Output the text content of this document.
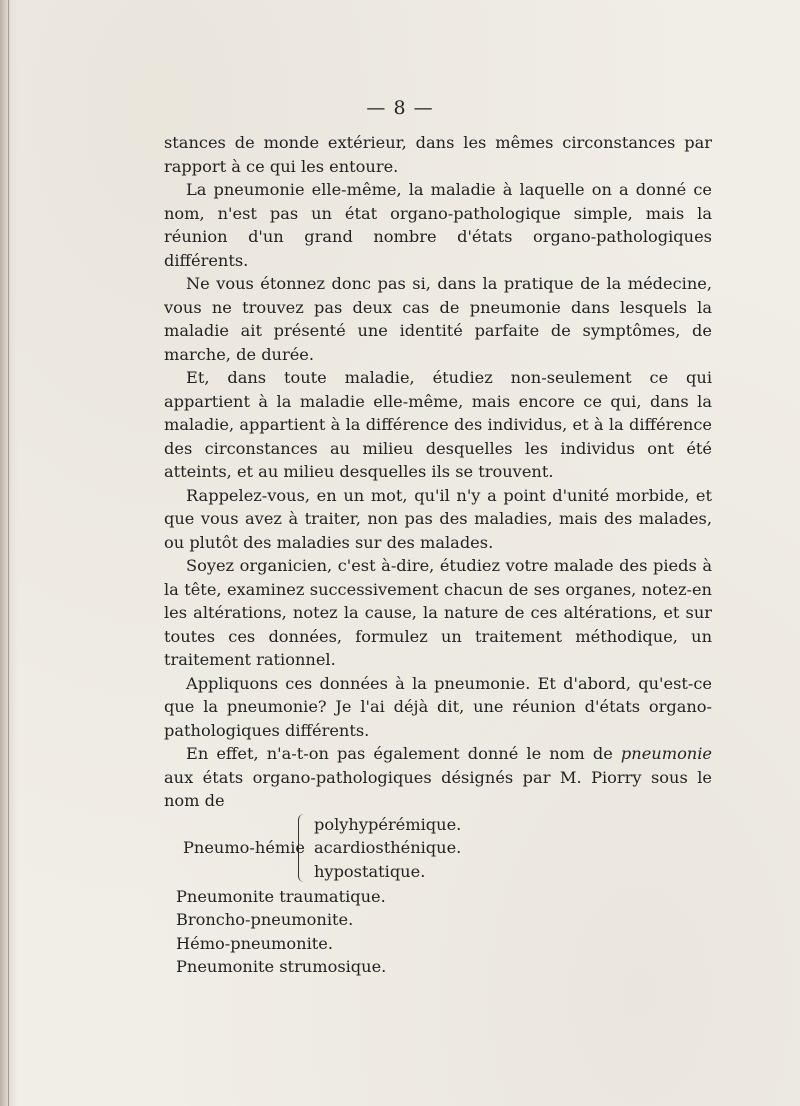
— 8 —

stances de monde extérieur, dans les mêmes circonstances par rapport à ce qui les entoure.

La pneumonie elle-même, la maladie à laquelle on a donné ce nom, n'est pas un état organo-pathologique simple, mais la réunion d'un grand nombre d'états organo-pathologiques différents.

Ne vous étonnez donc pas si, dans la pratique de la médecine, vous ne trouvez pas deux cas de pneumonie dans lesquels la maladie ait présenté une identité parfaite de symptômes, de marche, de durée.

Et, dans toute maladie, étudiez non-seulement ce qui appartient à la maladie elle-même, mais encore ce qui, dans la maladie, appartient à la différence des individus, et à la différence des circonstances au milieu desquelles les individus ont été atteints, et au milieu desquelles ils se trouvent.

Rappelez-vous, en un mot, qu'il n'y a point d'unité morbide, et que vous avez à traiter, non pas des maladies, mais des malades, ou plutôt des maladies sur des malades.

Soyez organicien, c'est à-dire, étudiez votre malade des pieds à la tête, examinez successivement chacun de ses organes, notez-en les altérations, notez la cause, la nature de ces altérations, et sur toutes ces données, formulez un traitement méthodique, un traitement rationnel.

Appliquons ces données à la pneumonie. Et d'abord, qu'est-ce que la pneumonie? Je l'ai déjà dit, une réunion d'états organo-pathologiques différents.

En effet, n'a-t-on pas également donné le nom de pneumonie aux états organo-pathologiques désignés par M. Piorry sous le nom de

Pneumo-hémie
polyhypérémique.
acardiosthénique.
hypostatique.
Pneumonite traumatique.
Broncho-pneumonite.
Hémo-pneumonite.
Pneumonite strumosique.
